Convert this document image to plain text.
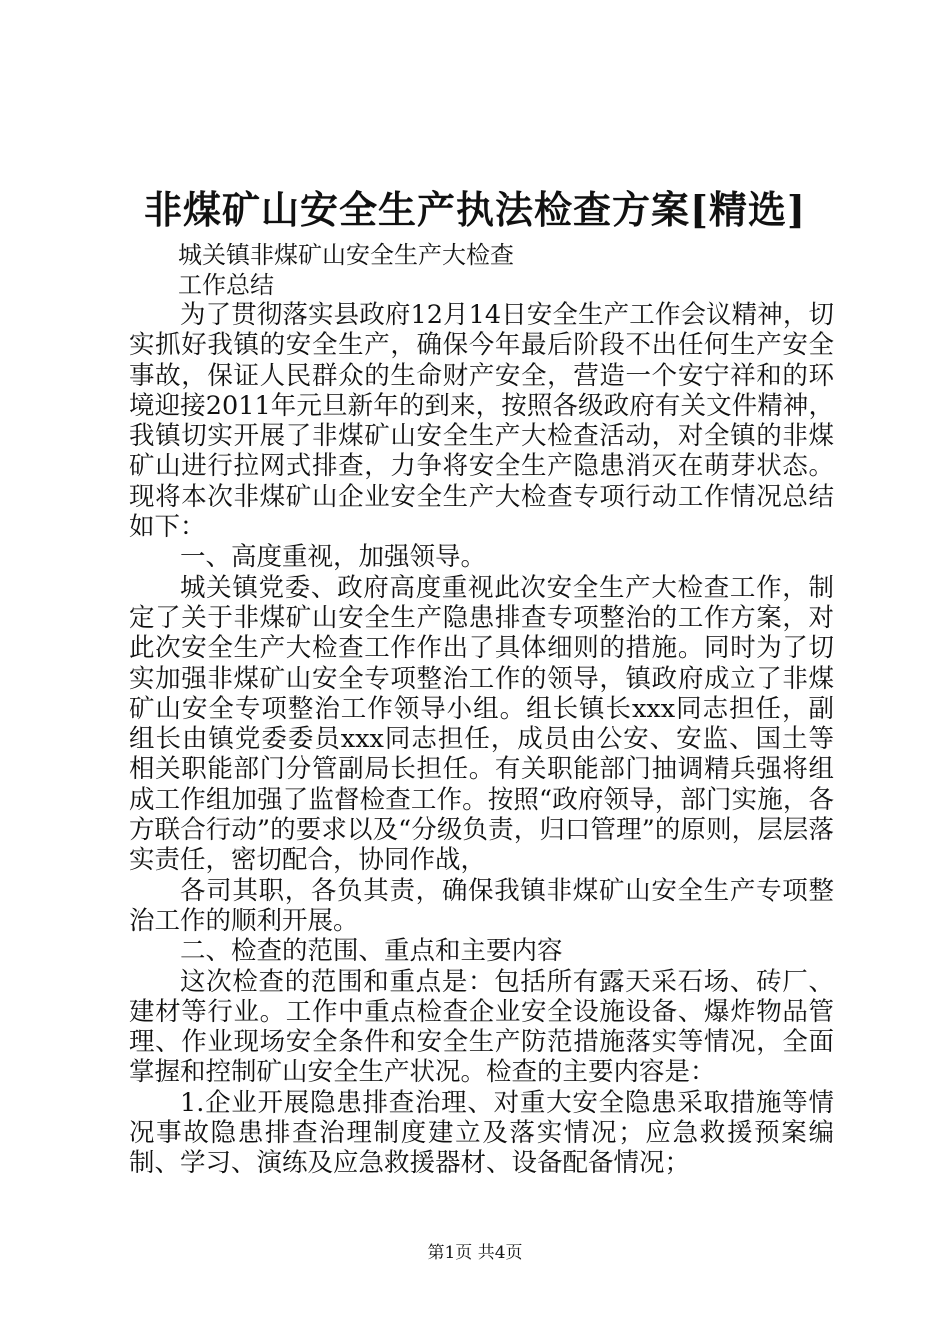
非煤矿山安全生产执法检查方案[精选]

城关镇非煤矿山安全生产大检查

工作总结

为了贯彻落实县政府12月14日安全生产工作会议精神，切实抓好我镇的安全生产，确保今年最后阶段不出任何生产安全事故，保证人民群众的生命财产安全，营造一个安宁祥和的环境迎接2011年元旦新年的到来，按照各级政府有关文件精神，我镇切实开展了非煤矿山安全生产大检查活动，对全镇的非煤矿山进行拉网式排查，力争将安全生产隐患消灭在萌芽状态。现将本次非煤矿山企业安全生产大检查专项行动工作情况总结如下：

一、高度重视，加强领导。

城关镇党委、政府高度重视此次安全生产大检查工作，制定了关于非煤矿山安全生产隐患排查专项整治的工作方案，对此次安全生产大检查工作作出了具体细则的措施。同时为了切实加强非煤矿山安全专项整治工作的领导，镇政府成立了非煤矿山安全专项整治工作领导小组。组长镇长xxx同志担任，副组长由镇党委委员xxx同志担任，成员由公安、安监、国土等相关职能部门分管副局长担任。有关职能部门抽调精兵强将组成工作组加强了监督检查工作。按照“政府领导，部门实施，各方联合行动”的要求以及“分级负责，归口管理”的原则，层层落实责任，密切配合，协同作战，

各司其职，各负其责，确保我镇非煤矿山安全生产专项整治工作的顺利开展。

二、检查的范围、重点和主要内容

这次检查的范围和重点是：包括所有露天采石场、砖厂、建材等行业。工作中重点检查企业安全设施设备、爆炸物品管理、作业现场安全条件和安全生产防范措施落实等情况，全面掌握和控制矿山安全生产状况。检查的主要内容是：

1.企业开展隐患排查治理、对重大安全隐患采取措施等情况事故隐患排查治理制度建立及落实情况；应急救援预案编制、学习、演练及应急救援器材、设备配备情况；

第1页 共4页
